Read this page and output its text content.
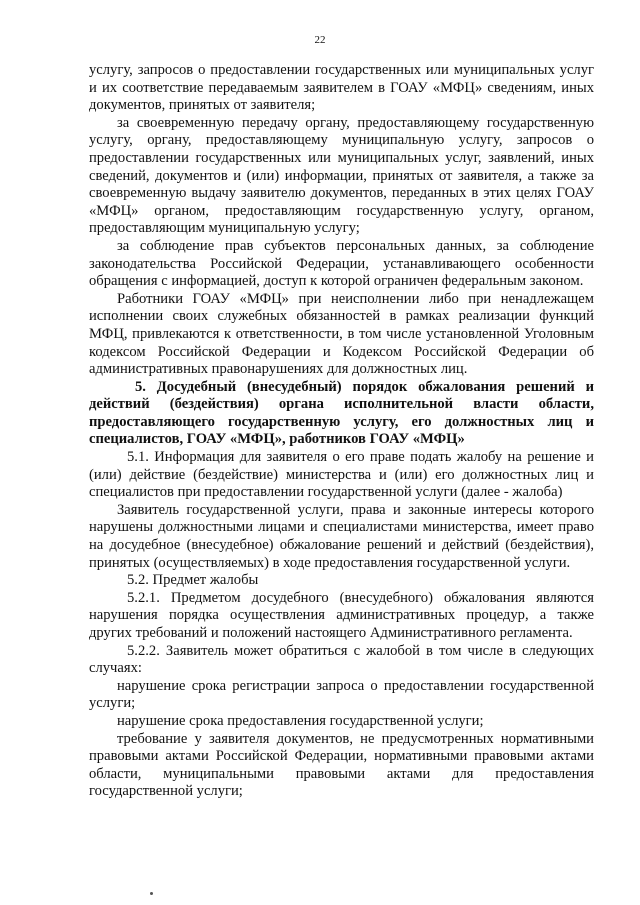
22

услугу, запросов о предоставлении государственных или муниципальных услуг и их соответствие передаваемым заявителем в ГОАУ «МФЦ» сведениям, иных документов, принятых от заявителя;

за своевременную передачу органу, предоставляющему государственную услугу, органу, предоставляющему муниципальную услугу, запросов о предоставлении государственных или муниципальных услуг, заявлений, иных сведений, документов и (или) информации, принятых от заявителя, а также за своевременную выдачу заявителю документов, переданных в этих целях ГОАУ «МФЦ» органом, предоставляющим государственную услугу, органом, предоставляющим муниципальную услугу;

за соблюдение прав субъектов персональных данных, за соблюдение законодательства Российской Федерации, устанавливающего особенности обращения с информацией, доступ к которой ограничен федеральным законом.

Работники ГОАУ «МФЦ» при неисполнении либо при ненадлежащем исполнении своих служебных обязанностей в рамках реализации функций МФЦ, привлекаются к ответственности, в том числе установленной Уголовным кодексом Российской Федерации и Кодексом Российской Федерации об административных правонарушениях для должностных лиц.

5. Досудебный (внесудебный) порядок обжалования решений и действий (бездействия) органа исполнительной власти области, предоставляющего государственную услугу, его должностных лиц и специалистов, ГОАУ «МФЦ», работников ГОАУ «МФЦ»

5.1. Информация для заявителя о его праве подать жалобу на решение и (или) действие (бездействие) министерства и (или) его должностных лиц и специалистов при предоставлении государственной услуги (далее - жалоба)

Заявитель государственной услуги, права и законные интересы которого нарушены должностными лицами и специалистами министерства, имеет право на досудебное (внесудебное) обжалование решений и действий (бездействия), принятых (осуществляемых) в ходе предоставления государственной услуги.

5.2. Предмет жалобы

5.2.1. Предметом досудебного (внесудебного) обжалования являются нарушения порядка осуществления административных процедур, а также других требований и положений настоящего Административного регламента.

5.2.2. Заявитель может обратиться с жалобой в том числе в следующих случаях:

нарушение срока регистрации запроса о предоставлении государственной услуги;

нарушение срока предоставления государственной услуги;

требование у заявителя документов, не предусмотренных нормативными правовыми актами Российской Федерации, нормативными правовыми актами области, муниципальными правовыми актами для предоставления государственной услуги;
